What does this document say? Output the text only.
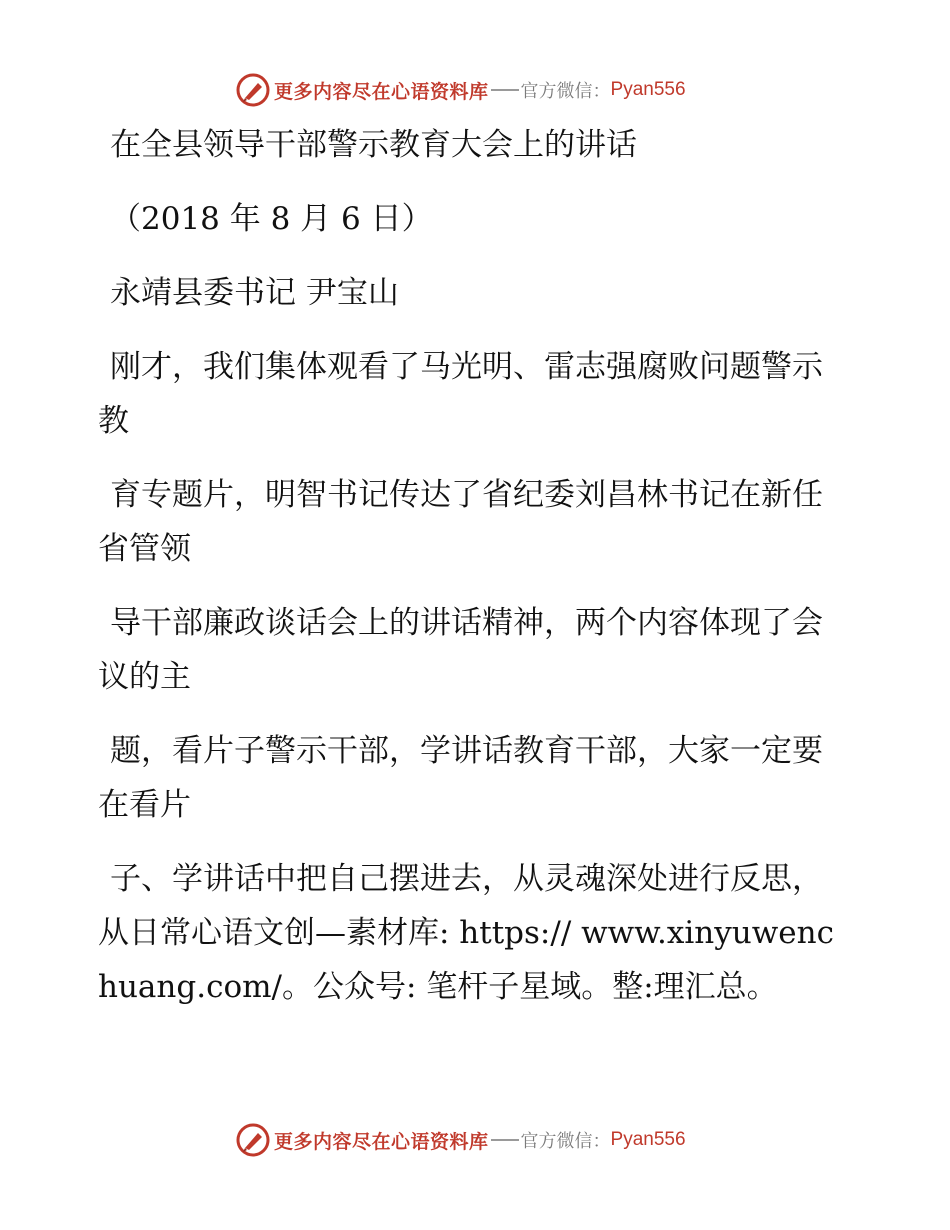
更多内容尽在心语资料库 官方微信： Pyan556

在全县领导干部警示教育大会上的讲话

（2018 年 8 月 6 日）

永靖县委书记 尹宝山

刚才，我们集体观看了马光明、雷志强腐败问题警示教

育专题片，明智书记传达了省纪委刘昌林书记在新任省管领

导干部廉政谈话会上的讲话精神，两个内容体现了会议的主

题，看片子警示干部，学讲话教育干部，大家一定要在看片

子、学讲话中把自己摆进去，从灵魂深处进行反思，从日常心语文创—素材库: https:// www.xinyuwenchuang.com/。公众号: 笔杆子星域。整:理汇总。

更多内容尽在心语资料库 官方微信： Pyan556
